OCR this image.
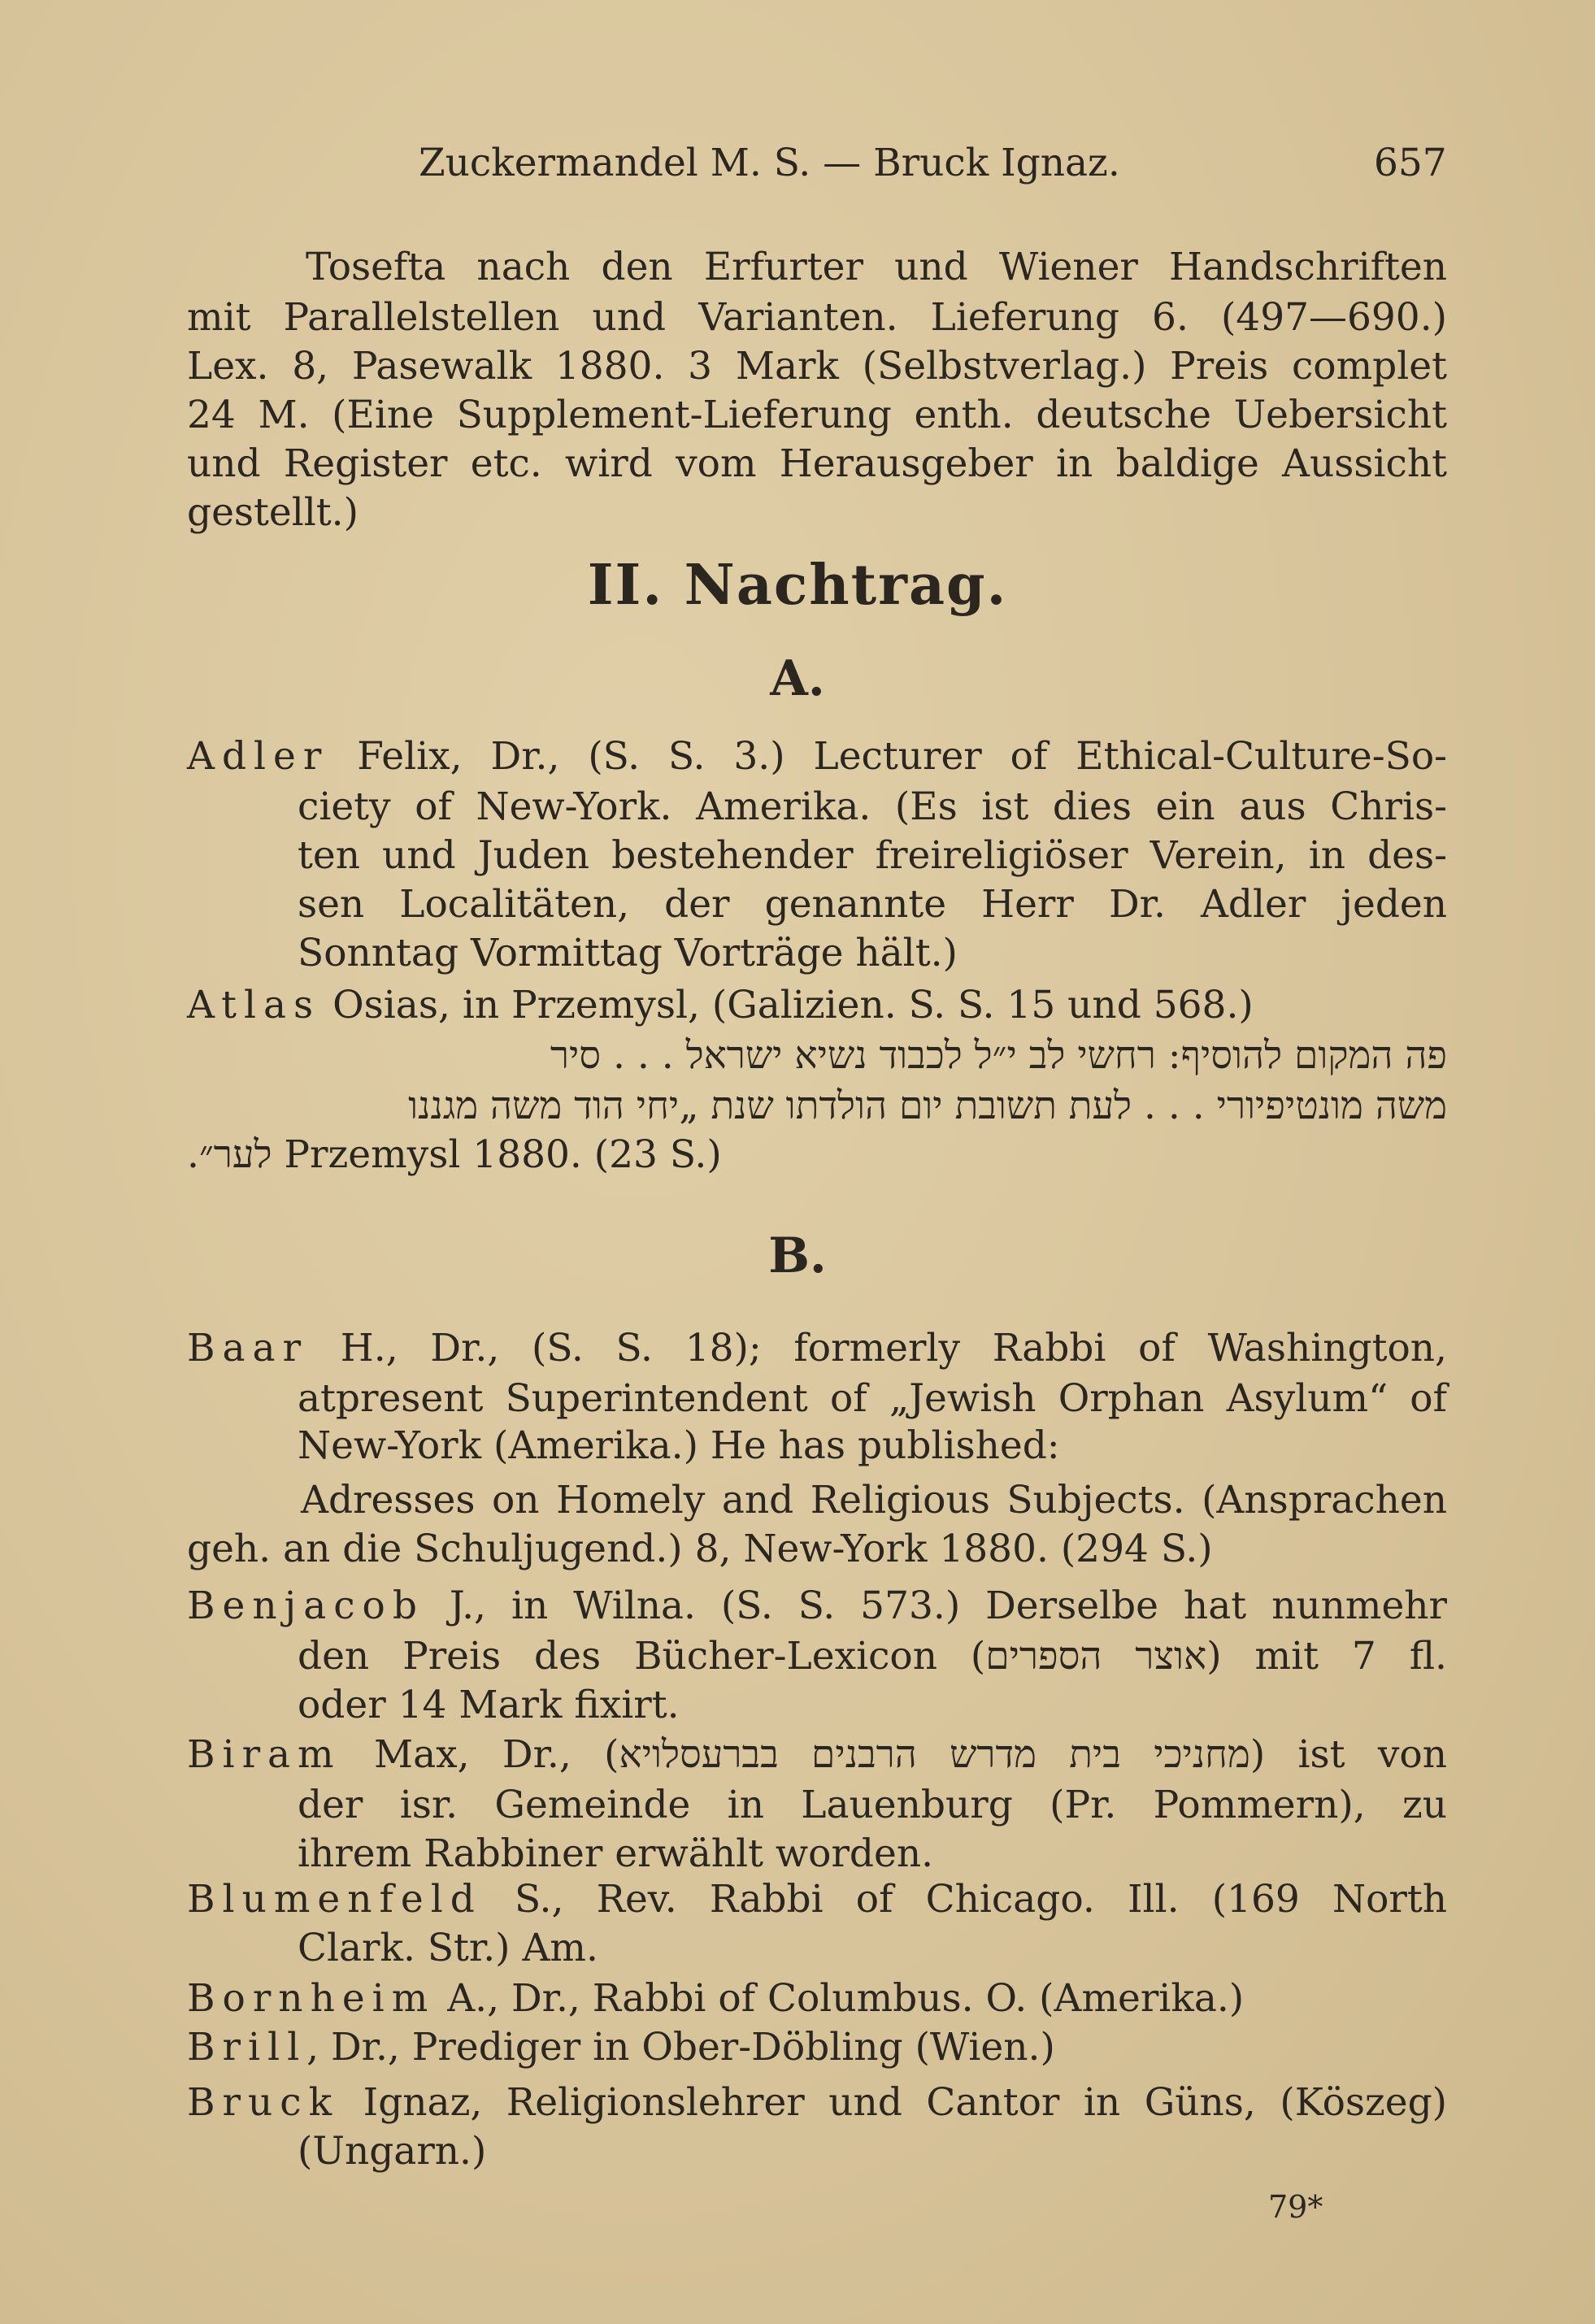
Zuckermandel M. S. — Bruck Ignaz.	657
Tosefta nach den Erfurter und Wiener Handschriften
mit Parallelstellen und Varianten. Lieferung 6. (497—690.)
Lex. 8, Pasewalk 1880. 3 Mark (Selbstverlag.) Preis complet
24 M. (Eine Supplement-Lieferung enth. deutsche Uebersicht
und Register etc. wird vom Herausgeber in baldige Aussicht
gestellt.)
II. Nachtrag.
A.
Adler Felix, Dr., (S. S. 3.) Lecturer of Ethical-Culture-So-
ciety of New-York. Amerika. (Es ist dies ein aus Chris-
ten und Juden bestehender freireligiöser Verein, in des-
sen Localitäten, der genannte Herr Dr. Adler jeden
Sonntag Vormittag Vorträge hält.)
Atlas Osias, in Przemysl, (Galizien. S. S. 15 und 568.)
פה המקום להוסיף: רחשי לב י״ל לכבוד נשיא ישראל . . . סיר
משה מונטיפיורי . . . לעת תשובת יום הולדתו שנת „יחי הוד משה מגננו
לער״. Przemysl 1880. (23 S.)
B.
Baar H., Dr., (S. S. 18); formerly Rabbi of Washington,
atpresent Superintendent of „Jewish Orphan Asylum“ of
New-York (Amerika.) He has published:
Adresses on Homely and Religious Subjects. (Ansprachen
geh. an die Schuljugend.) 8, New-York 1880. (294 S.)
Benjacob J., in Wilna. (S. S. 573.) Derselbe hat nunmehr
den Preis des Bücher-Lexicon (אוצר הספרים) mit 7 fl.
oder 14 Mark fixirt.
Biram Max, Dr., (מחניכי בית מדרש הרבנים בברעסלויא) ist von
der isr. Gemeinde in Lauenburg (Pr. Pommern), zu
ihrem Rabbiner erwählt worden.
Blumenfeld S., Rev. Rabbi of Chicago. Ill. (169 North
Clark. Str.) Am.
Bornheim A., Dr., Rabbi of Columbus. O. (Amerika.)
Brill, Dr., Prediger in Ober-Döbling (Wien.)
Bruck Ignaz, Religionslehrer und Cantor in Güns, (Köszeg)
(Ungarn.)
79*
